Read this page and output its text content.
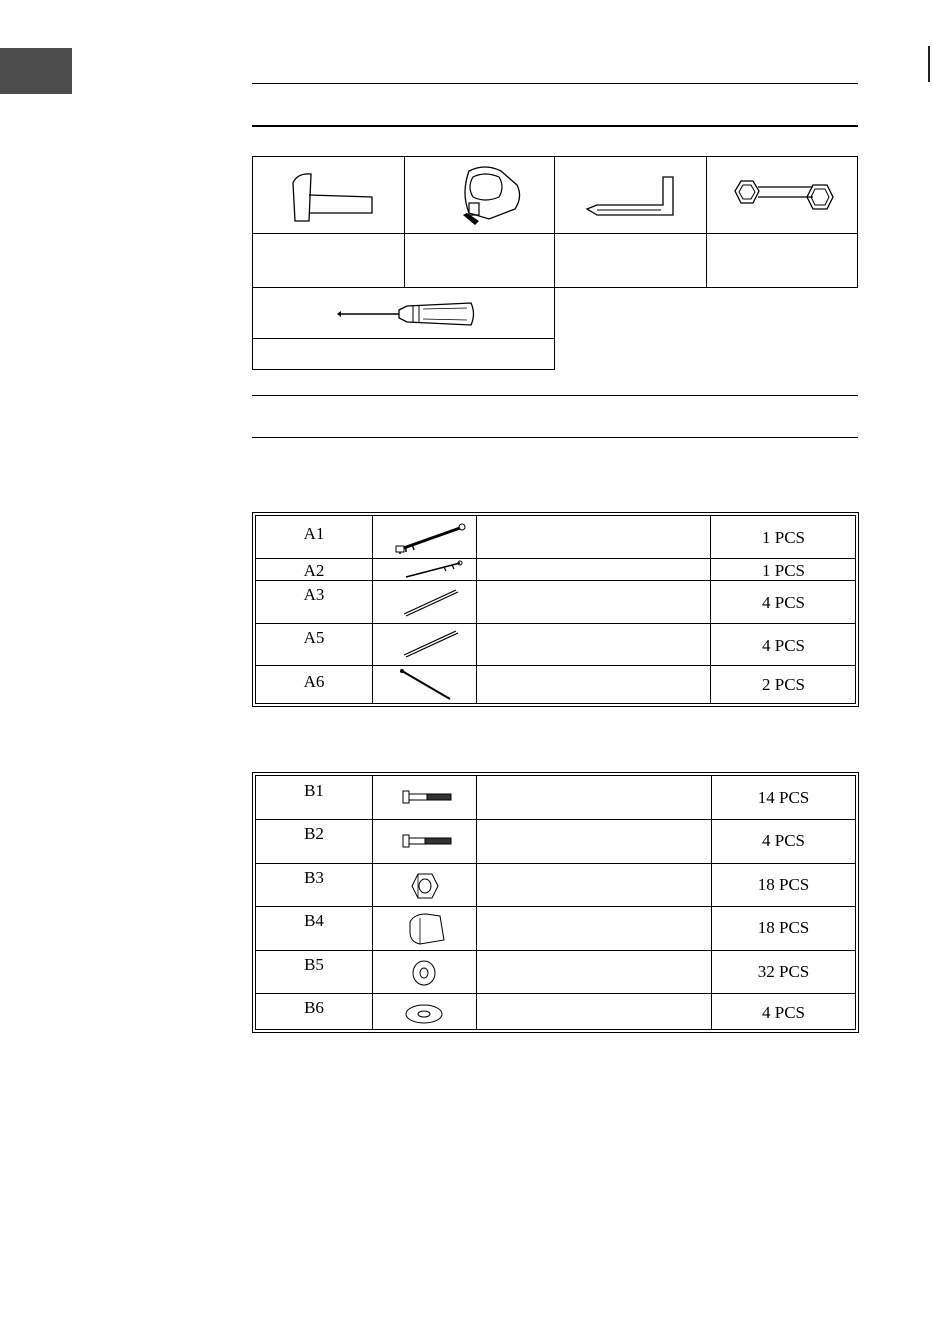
A1	1 PCS
A2	1 PCS
A3	4 PCS
A5	4 PCS
A6	2 PCS
B1	14 PCS
B2	4 PCS
B3	18 PCS
B4	18 PCS
B5	32 PCS
B6	4 PCS
